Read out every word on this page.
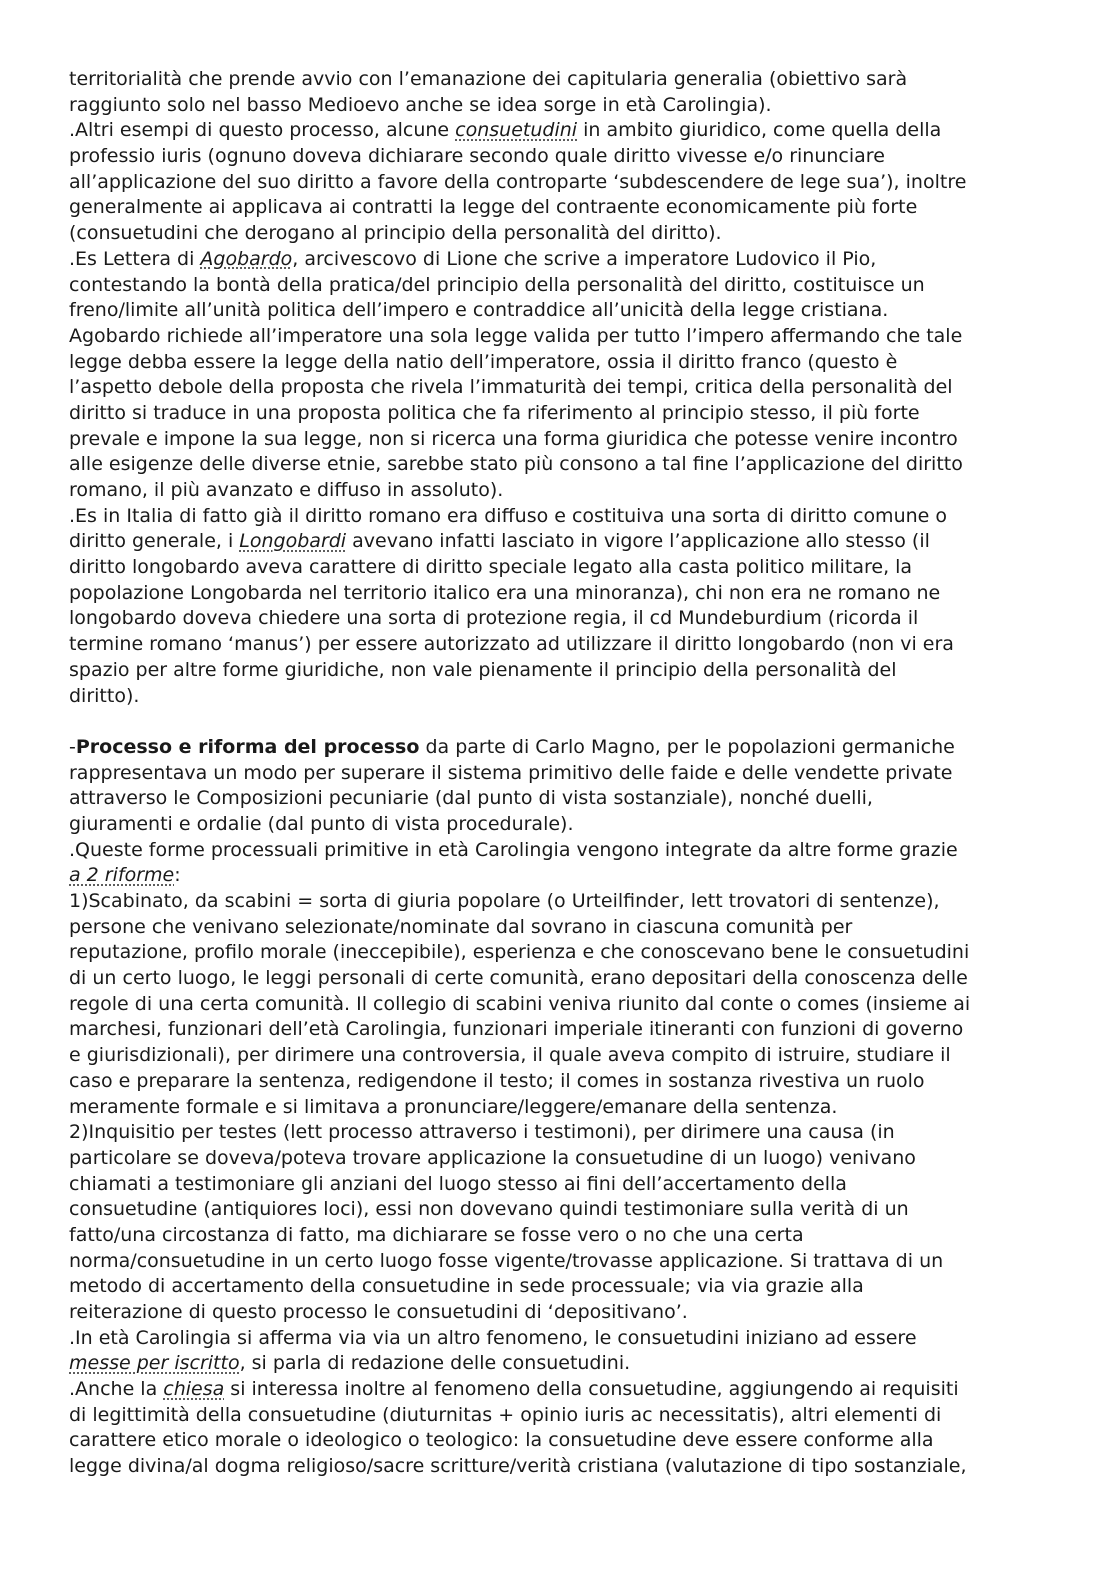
territorialità che prende avvio con l’emanazione dei capitularia generalia (obiettivo sarà
raggiunto solo nel basso Medioevo anche se idea sorge in età Carolingia).
.Altri esempi di questo processo, alcune consuetudini in ambito giuridico, come quella della
professio iuris (ognuno doveva dichiarare secondo quale diritto vivesse e/o rinunciare
all’applicazione del suo diritto a favore della controparte ‘subdescendere de lege sua’), inoltre
generalmente ai applicava ai contratti la legge del contraente economicamente più forte
(consuetudini che derogano al principio della personalità del diritto).
.Es Lettera di Agobardo, arcivescovo di Lione che scrive a imperatore Ludovico il Pio,
contestando la bontà della pratica/del principio della personalità del diritto, costituisce un
freno/limite all’unità politica dell’impero e contraddice all’unicità della legge cristiana.
Agobardo richiede all’imperatore una sola legge valida per tutto l’impero affermando che tale
legge debba essere la legge della natio dell’imperatore, ossia il diritto franco (questo è
l’aspetto debole della proposta che rivela l’immaturità dei tempi, critica della personalità del
diritto si traduce in una proposta politica che fa riferimento al principio stesso, il più forte
prevale e impone la sua legge, non si ricerca una forma giuridica che potesse venire incontro
alle esigenze delle diverse etnie, sarebbe stato più consono a tal fine l’applicazione del diritto
romano, il più avanzato e diffuso in assoluto).
.Es in Italia di fatto già il diritto romano era diffuso e costituiva una sorta di diritto comune o
diritto generale, i Longobardi avevano infatti lasciato in vigore l’applicazione allo stesso (il
diritto longobardo aveva carattere di diritto speciale legato alla casta politico militare, la
popolazione Longobarda nel territorio italico era una minoranza), chi non era ne romano ne
longobardo doveva chiedere una sorta di protezione regia, il cd Mundeburdium (ricorda il
termine romano ‘manus’) per essere autorizzato ad utilizzare il diritto longobardo (non vi era
spazio per altre forme giuridiche, non vale pienamente il principio della personalità del
diritto).
-Processo e riforma del processo da parte di Carlo Magno, per le popolazioni germaniche
rappresentava un modo per superare il sistema primitivo delle faide e delle vendette private
attraverso le Composizioni pecuniarie (dal punto di vista sostanziale), nonché duelli,
giuramenti e ordalie (dal punto di vista procedurale).
.Queste forme processuali primitive in età Carolingia vengono integrate da altre forme grazie
a 2 riforme:
1)Scabinato, da scabini = sorta di giuria popolare (o Urteilfinder, lett trovatori di sentenze),
persone che venivano selezionate/nominate dal sovrano in ciascuna comunità per
reputazione, profilo morale (ineccepibile), esperienza e che conoscevano bene le consuetudini
di un certo luogo, le leggi personali di certe comunità, erano depositari della conoscenza delle
regole di una certa comunità. Il collegio di scabini veniva riunito dal conte o comes (insieme ai
marchesi, funzionari dell’età Carolingia, funzionari imperiale itineranti con funzioni di governo
e giurisdizionali), per dirimere una controversia, il quale aveva compito di istruire, studiare il
caso e preparare la sentenza, redigendone il testo; il comes in sostanza rivestiva un ruolo
meramente formale e si limitava a pronunciare/leggere/emanare della sentenza.
2)Inquisitio per testes (lett processo attraverso i testimoni), per dirimere una causa (in
particolare se doveva/poteva trovare applicazione la consuetudine di un luogo) venivano
chiamati a testimoniare gli anziani del luogo stesso ai fini dell’accertamento della
consuetudine (antiquiores loci), essi non dovevano quindi testimoniare sulla verità di un
fatto/una circostanza di fatto, ma dichiarare se fosse vero o no che una certa
norma/consuetudine in un certo luogo fosse vigente/trovasse applicazione. Si trattava di un
metodo di accertamento della consuetudine in sede processuale; via via grazie alla
reiterazione di questo processo le consuetudini di ‘depositivano’.
.In età Carolingia si afferma via via un altro fenomeno, le consuetudini iniziano ad essere
messe per iscritto, si parla di redazione delle consuetudini.
.Anche la chiesa si interessa inoltre al fenomeno della consuetudine, aggiungendo ai requisiti
di legittimità della consuetudine (diuturnitas + opinio iuris ac necessitatis), altri elementi di
carattere etico morale o ideologico o teologico: la consuetudine deve essere conforme alla
legge divina/al dogma religioso/sacre scritture/verità cristiana (valutazione di tipo sostanziale,
